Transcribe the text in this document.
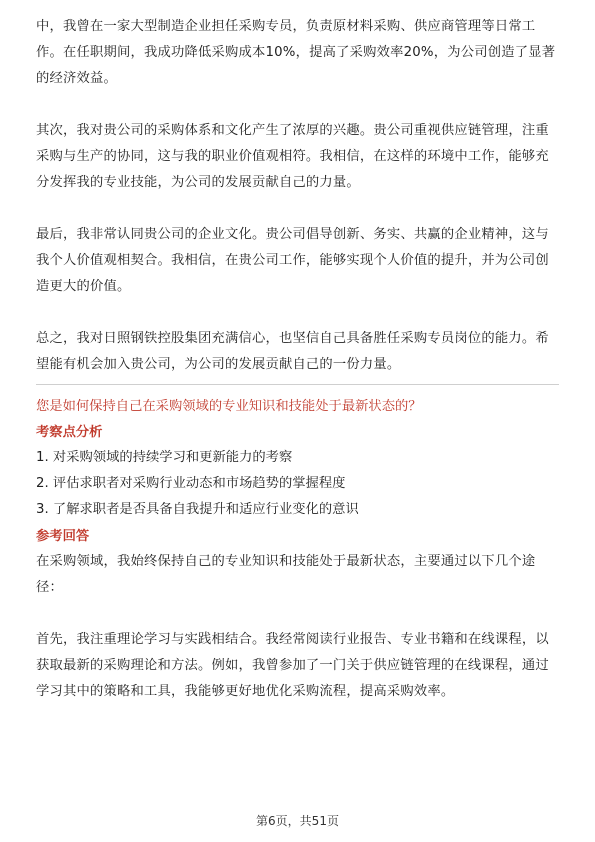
中，我曾在一家大型制造企业担任采购专员，负责原材料采购、供应商管理等日常工作。在任职期间，我成功降低采购成本10%，提高了采购效率20%，为公司创造了显著的经济效益。

其次，我对贵公司的采购体系和文化产生了浓厚的兴趣。贵公司重视供应链管理，注重采购与生产的协同，这与我的职业价值观相符。我相信，在这样的环境中工作，能够充分发挥我的专业技能，为公司的发展贡献自己的力量。

最后，我非常认同贵公司的企业文化。贵公司倡导创新、务实、共赢的企业精神，这与我个人价值观相契合。我相信，在贵公司工作，能够实现个人价值的提升，并为公司创造更大的价值。

总之，我对日照钢铁控股集团充满信心，也坚信自己具备胜任采购专员岗位的能力。希望能有机会加入贵公司，为公司的发展贡献自己的一份力量。

您是如何保持自己在采购领域的专业知识和技能处于最新状态的？

考察点分析

1. 对采购领域的持续学习和更新能力的考察

2. 评估求职者对采购行业动态和市场趋势的掌握程度

3. 了解求职者是否具备自我提升和适应行业变化的意识

参考回答

在采购领域，我始终保持自己的专业知识和技能处于最新状态，主要通过以下几个途径：

首先，我注重理论学习与实践相结合。我经常阅读行业报告、专业书籍和在线课程，以获取最新的采购理论和方法。例如，我曾参加了一门关于供应链管理的在线课程，通过学习其中的策略和工具，我能够更好地优化采购流程，提高采购效率。

第6页，共51页
